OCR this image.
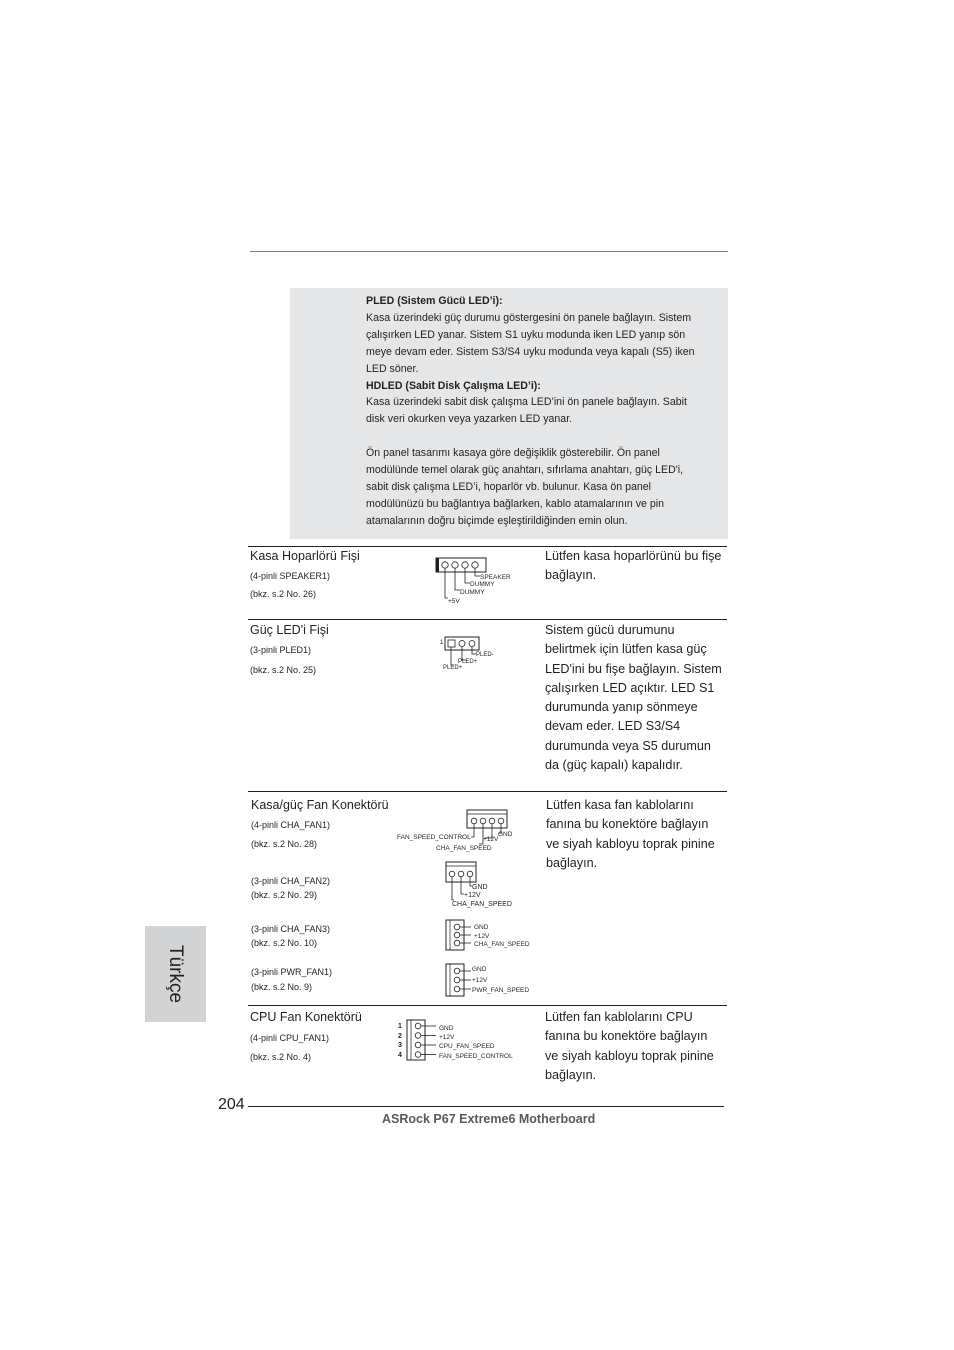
PLED (Sistem Gücü LED’i):

Kasa üzerindeki güç durumu göstergesini ön panele bağlayın. Sistem

çalışırken LED yanar. Sistem S1 uyku modunda iken LED yanıp sön

meye devam eder. Sistem S3/S4 uyku modunda veya kapalı (S5) iken

LED söner.

HDLED (Sabit Disk Çalışma LED’i):

Kasa üzerindeki sabit disk çalışma LED’ini ön panele bağlayın. Sabit

disk veri okurken veya yazarken LED yanar.

Ön panel tasarımı kasaya göre değişiklik gösterebilir. Ön panel

modülünde temel olarak güç anahtarı, sıfırlama anahtarı, güç LED'i,

sabit disk çalışma LED’i, hoparlör vb. bulunur. Kasa ön panel

modülünüzü bu bağlantıya bağlarken, kablo atamalarının ve pin

atamalarının doğru biçimde eşleştirildiğinden emin olun.

Kasa Hoparlörü Fişi
(4-pinli SPEAKER1)
(bkz. s.2 No. 26)
Lütfen kasa hoparlörünü bu fişe
bağlayın.
SPEAKER
DUMMY
DUMMY
+5V
Güç LED'i Fişi
(3-pinli PLED1)
(bkz. s.2 No. 25)
Sistem gücü durumunu
belirtmek için lütfen kasa güç
LED'ini bu fişe bağlayın. Sistem
çalışırken LED açıktır. LED S1
durumunda yanıp sönmeye
devam eder. LED S3/S4
durumunda veya S5 durumun
da (güç kapalı) kapalıdır.
1
PLED-
PLED+
PLED+
Kasa/güç Fan Konektörü
(4-pinli CHA_FAN1)
(bkz. s.2 No. 28)
(3-pinli CHA_FAN2)
(bkz. s.2 No. 29)
(3-pinli CHA_FAN3)
(bkz. s.2 No. 10)
(3-pinli PWR_FAN1)
(bkz. s.2 No. 9)
Lütfen kasa fan kablolarını
fanına bu konektöre bağlayın
ve siyah kabloyu toprak pinine
bağlayın.
GND
+12V
CHA_FAN_SPEED
FAN_SPEED_CONTROL
GND
+12V
CHA_FAN_SPEED
GND
+12V
CHA_FAN_SPEED
GND
+12V
PWR_FAN_SPEED
CPU Fan Konektörü
(4-pinli CPU_FAN1)
(bkz. s.2 No. 4)
Lütfen fan kablolarını CPU
fanına bu konektöre bağlayın
ve siyah kabloyu toprak pinine
bağlayın.
1
2
3
4
GND
+12V
CPU_FAN_SPEED
FAN_SPEED_CONTROL
Türkçe
204
ASRock P67 Extreme6 Motherboard
